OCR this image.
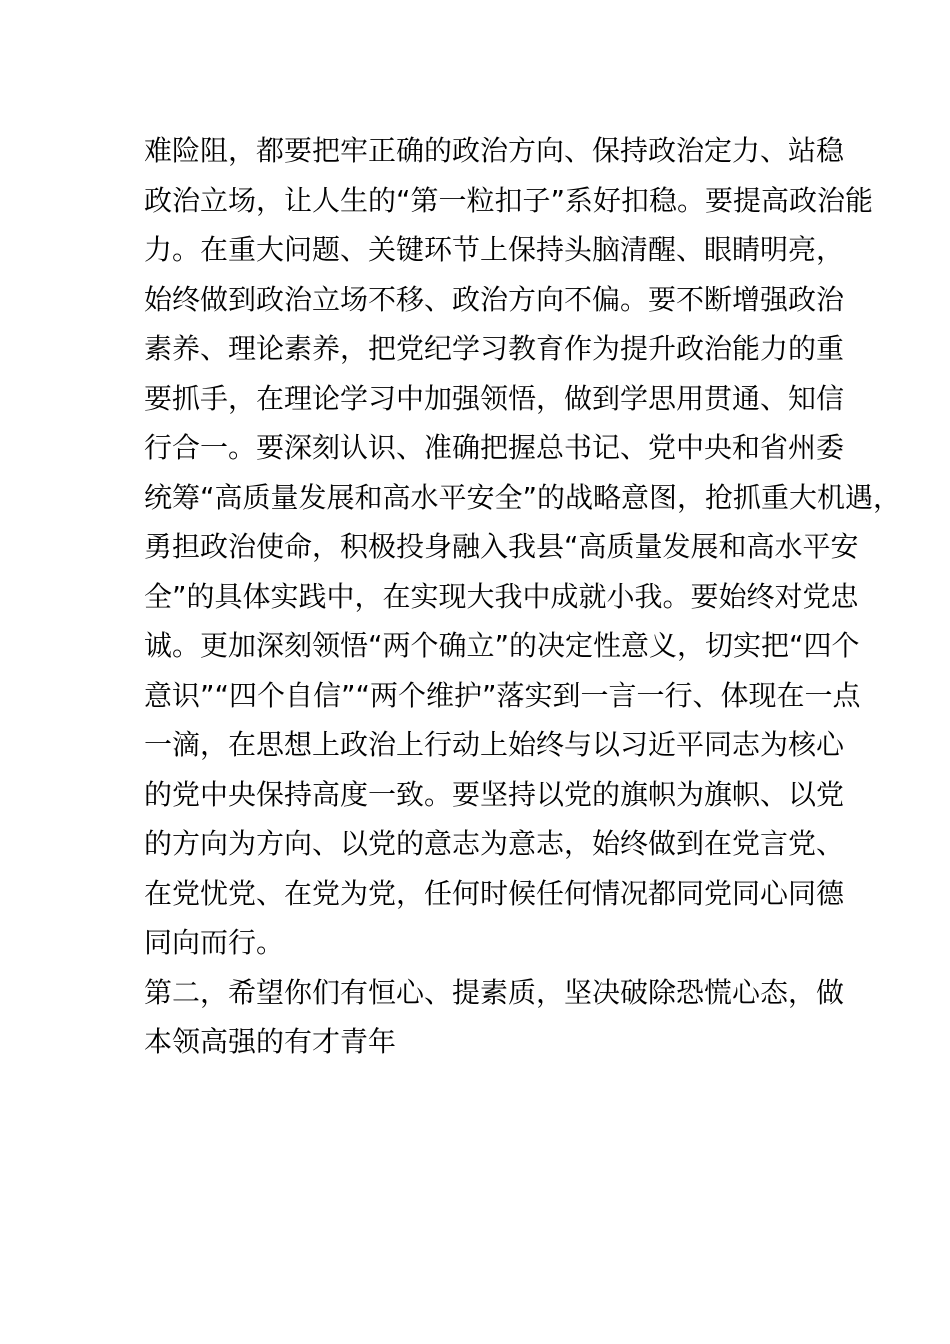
难险阻，都要把牢正确的政治方向、保持政治定力、站稳
政治立场，让人生的“第一粒扣子”系好扣稳。要提高政治能
力。在重大问题、关键环节上保持头脑清醒、眼睛明亮，
始终做到政治立场不移、政治方向不偏。要不断增强政治
素养、理论素养，把党纪学习教育作为提升政治能力的重
要抓手，在理论学习中加强领悟，做到学思用贯通、知信
行合一。要深刻认识、准确把握总书记、党中央和省州委
统筹“高质量发展和高水平安全”的战略意图，抢抓重大机遇，
勇担政治使命，积极投身融入我县“高质量发展和高水平安
全”的具体实践中，在实现大我中成就小我。要始终对党忠
诚。更加深刻领悟“两个确立”的决定性意义，切实把“四个
意识”“四个自信”“两个维护”落实到一言一行、体现在一点
一滴，在思想上政治上行动上始终与以习近平同志为核心
的党中央保持高度一致。要坚持以党的旗帜为旗帜、以党
的方向为方向、以党的意志为意志，始终做到在党言党、
在党忧党、在党为党，任何时候任何情况都同党同心同德
同向而行。
第二，希望你们有恒心、提素质，坚决破除恐慌心态，做
本领高强的有才青年
